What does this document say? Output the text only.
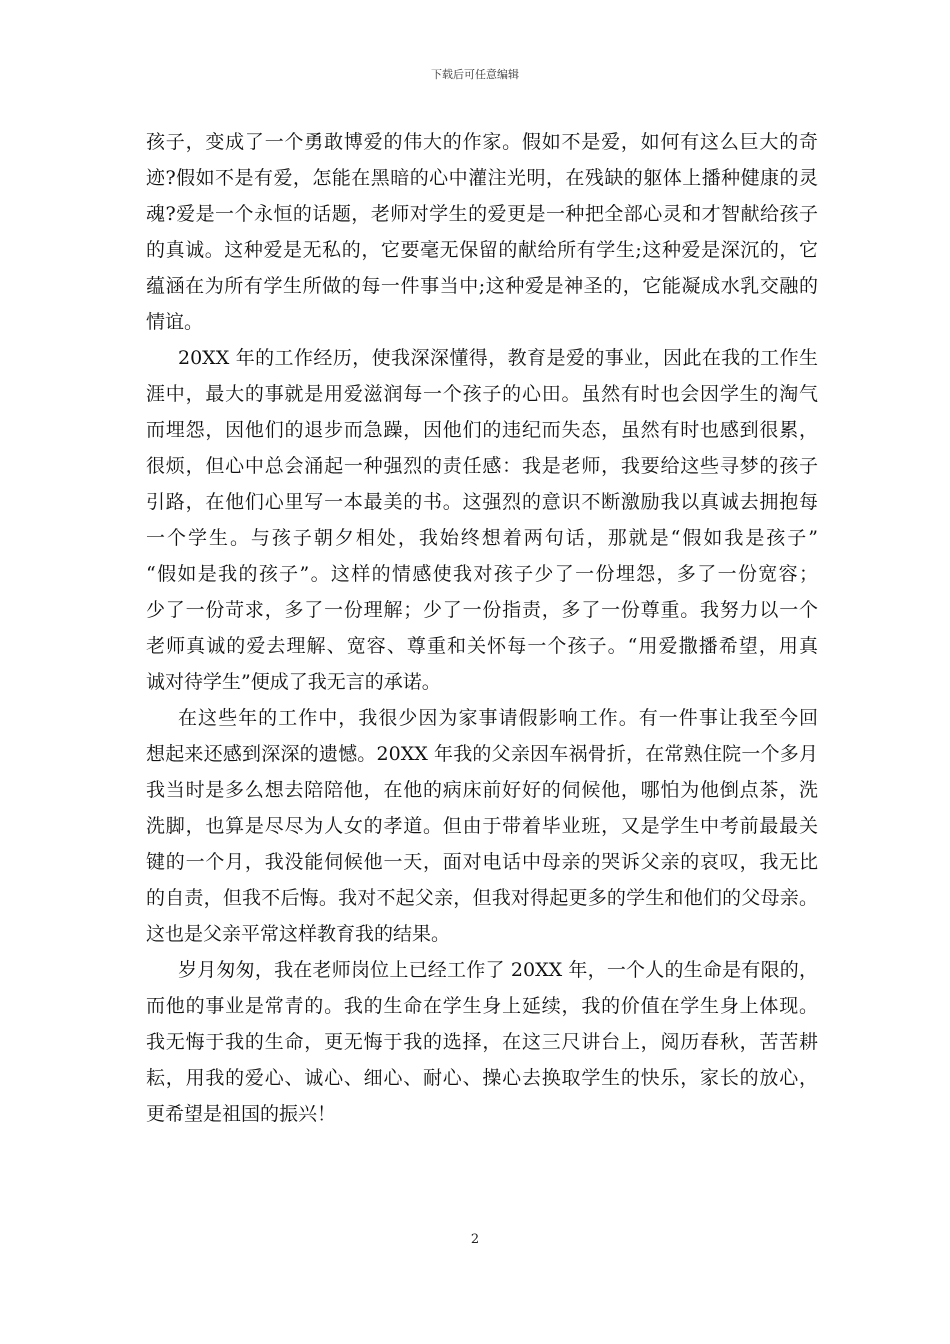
下载后可任意编辑
孩子，变成了一个勇敢博爱的伟大的作家。假如不是爱，如何有这么巨大的奇
迹?假如不是有爱，怎能在黑暗的心中灌注光明，在残缺的躯体上播种健康的灵
魂?爱是一个永恒的话题，老师对学生的爱更是一种把全部心灵和才智献给孩子
的真诚。这种爱是无私的，它要毫无保留的献给所有学生;这种爱是深沉的，它
蕴涵在为所有学生所做的每一件事当中;这种爱是神圣的，它能凝成水乳交融的
情谊。
20XX 年的工作经历，使我深深懂得，教育是爱的事业，因此在我的工作生
涯中，最大的事就是用爱滋润每一个孩子的心田。虽然有时也会因学生的淘气
而埋怨，因他们的退步而急躁，因他们的违纪而失态，虽然有时也感到很累，
很烦，但心中总会涌起一种强烈的责任感：我是老师，我要给这些寻梦的孩子
引路，在他们心里写一本最美的书。这强烈的意识不断激励我以真诚去拥抱每
一个学生。与孩子朝夕相处，我始终想着两句话，那就是“假如我是孩子”
“假如是我的孩子”。这样的情感使我对孩子少了一份埋怨，多了一份宽容；
少了一份苛求，多了一份理解；少了一份指责，多了一份尊重。我努力以一个
老师真诚的爱去理解、宽容、尊重和关怀每一个孩子。“用爱撒播希望，用真
诚对待学生”便成了我无言的承诺。
在这些年的工作中，我很少因为家事请假影响工作。有一件事让我至今回
想起来还感到深深的遗憾。20XX 年我的父亲因车祸骨折，在常熟住院一个多月
我当时是多么想去陪陪他，在他的病床前好好的伺候他，哪怕为他倒点茶，洗
洗脚，也算是尽尽为人女的孝道。但由于带着毕业班，又是学生中考前最最关
键的一个月，我没能伺候他一天，面对电话中母亲的哭诉父亲的哀叹，我无比
的自责，但我不后悔。我对不起父亲，但我对得起更多的学生和他们的父母亲。
这也是父亲平常这样教育我的结果。
岁月匆匆，我在老师岗位上已经工作了 20XX 年，一个人的生命是有限的，
而他的事业是常青的。我的生命在学生身上延续，我的价值在学生身上体现。
我无悔于我的生命，更无悔于我的选择，在这三尺讲台上，阅历春秋，苦苦耕
耘，用我的爱心、诚心、细心、耐心、操心去换取学生的快乐，家长的放心，
更希望是祖国的振兴！
2
